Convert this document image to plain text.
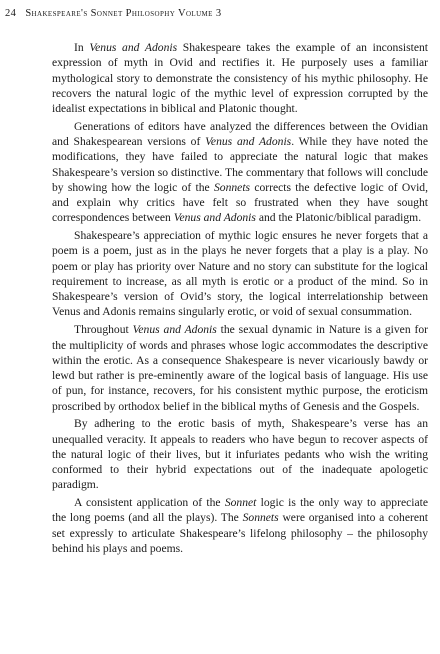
24 Shakespeare's Sonnet Philosophy Volume 3

In Venus and Adonis Shakespeare takes the example of an inconsistent expression of myth in Ovid and rectifies it. He purposely uses a familiar mythological story to demonstrate the consistency of his mythic philosophy. He recovers the natural logic of the mythic level of expression corrupted by the idealist expectations in biblical and Platonic thought.

Generations of editors have analyzed the differences between the Ovidian and Shakespearean versions of Venus and Adonis. While they have noted the modifications, they have failed to appreciate the natural logic that makes Shakespeare’s version so distinctive. The commentary that follows will conclude by showing how the logic of the Sonnets corrects the defective logic of Ovid, and explain why critics have felt so frustrated when they have sought correspondences between Venus and Adonis and the Platonic/biblical paradigm.

Shakespeare’s appreciation of mythic logic ensures he never forgets that a poem is a poem, just as in the plays he never forgets that a play is a play. No poem or play has priority over Nature and no story can substitute for the logical requirement to increase, as all myth is erotic or a product of the mind. So in Shakespeare’s version of Ovid’s story, the logical interrelationship between Venus and Adonis remains singularly erotic, or void of sexual consummation.

Throughout Venus and Adonis the sexual dynamic in Nature is a given for the multiplicity of words and phrases whose logic accommodates the descriptive within the erotic. As a consequence Shakespeare is never vicariously bawdy or lewd but rather is pre-eminently aware of the logical basis of language. His use of pun, for instance, recovers, for his consistent mythic purpose, the eroticism proscribed by orthodox belief in the biblical myths of Genesis and the Gospels.

By adhering to the erotic basis of myth, Shakespeare’s verse has an unequalled veracity. It appeals to readers who have begun to recover aspects of the natural logic of their lives, but it infuriates pedants who wish the writing conformed to their hybrid expectations out of the inadequate apologetic paradigm.

A consistent application of the Sonnet logic is the only way to appreciate the long poems (and all the plays). The Sonnets were organised into a coherent set expressly to articulate Shakespeare’s lifelong philosophy – the philosophy behind his plays and poems.
